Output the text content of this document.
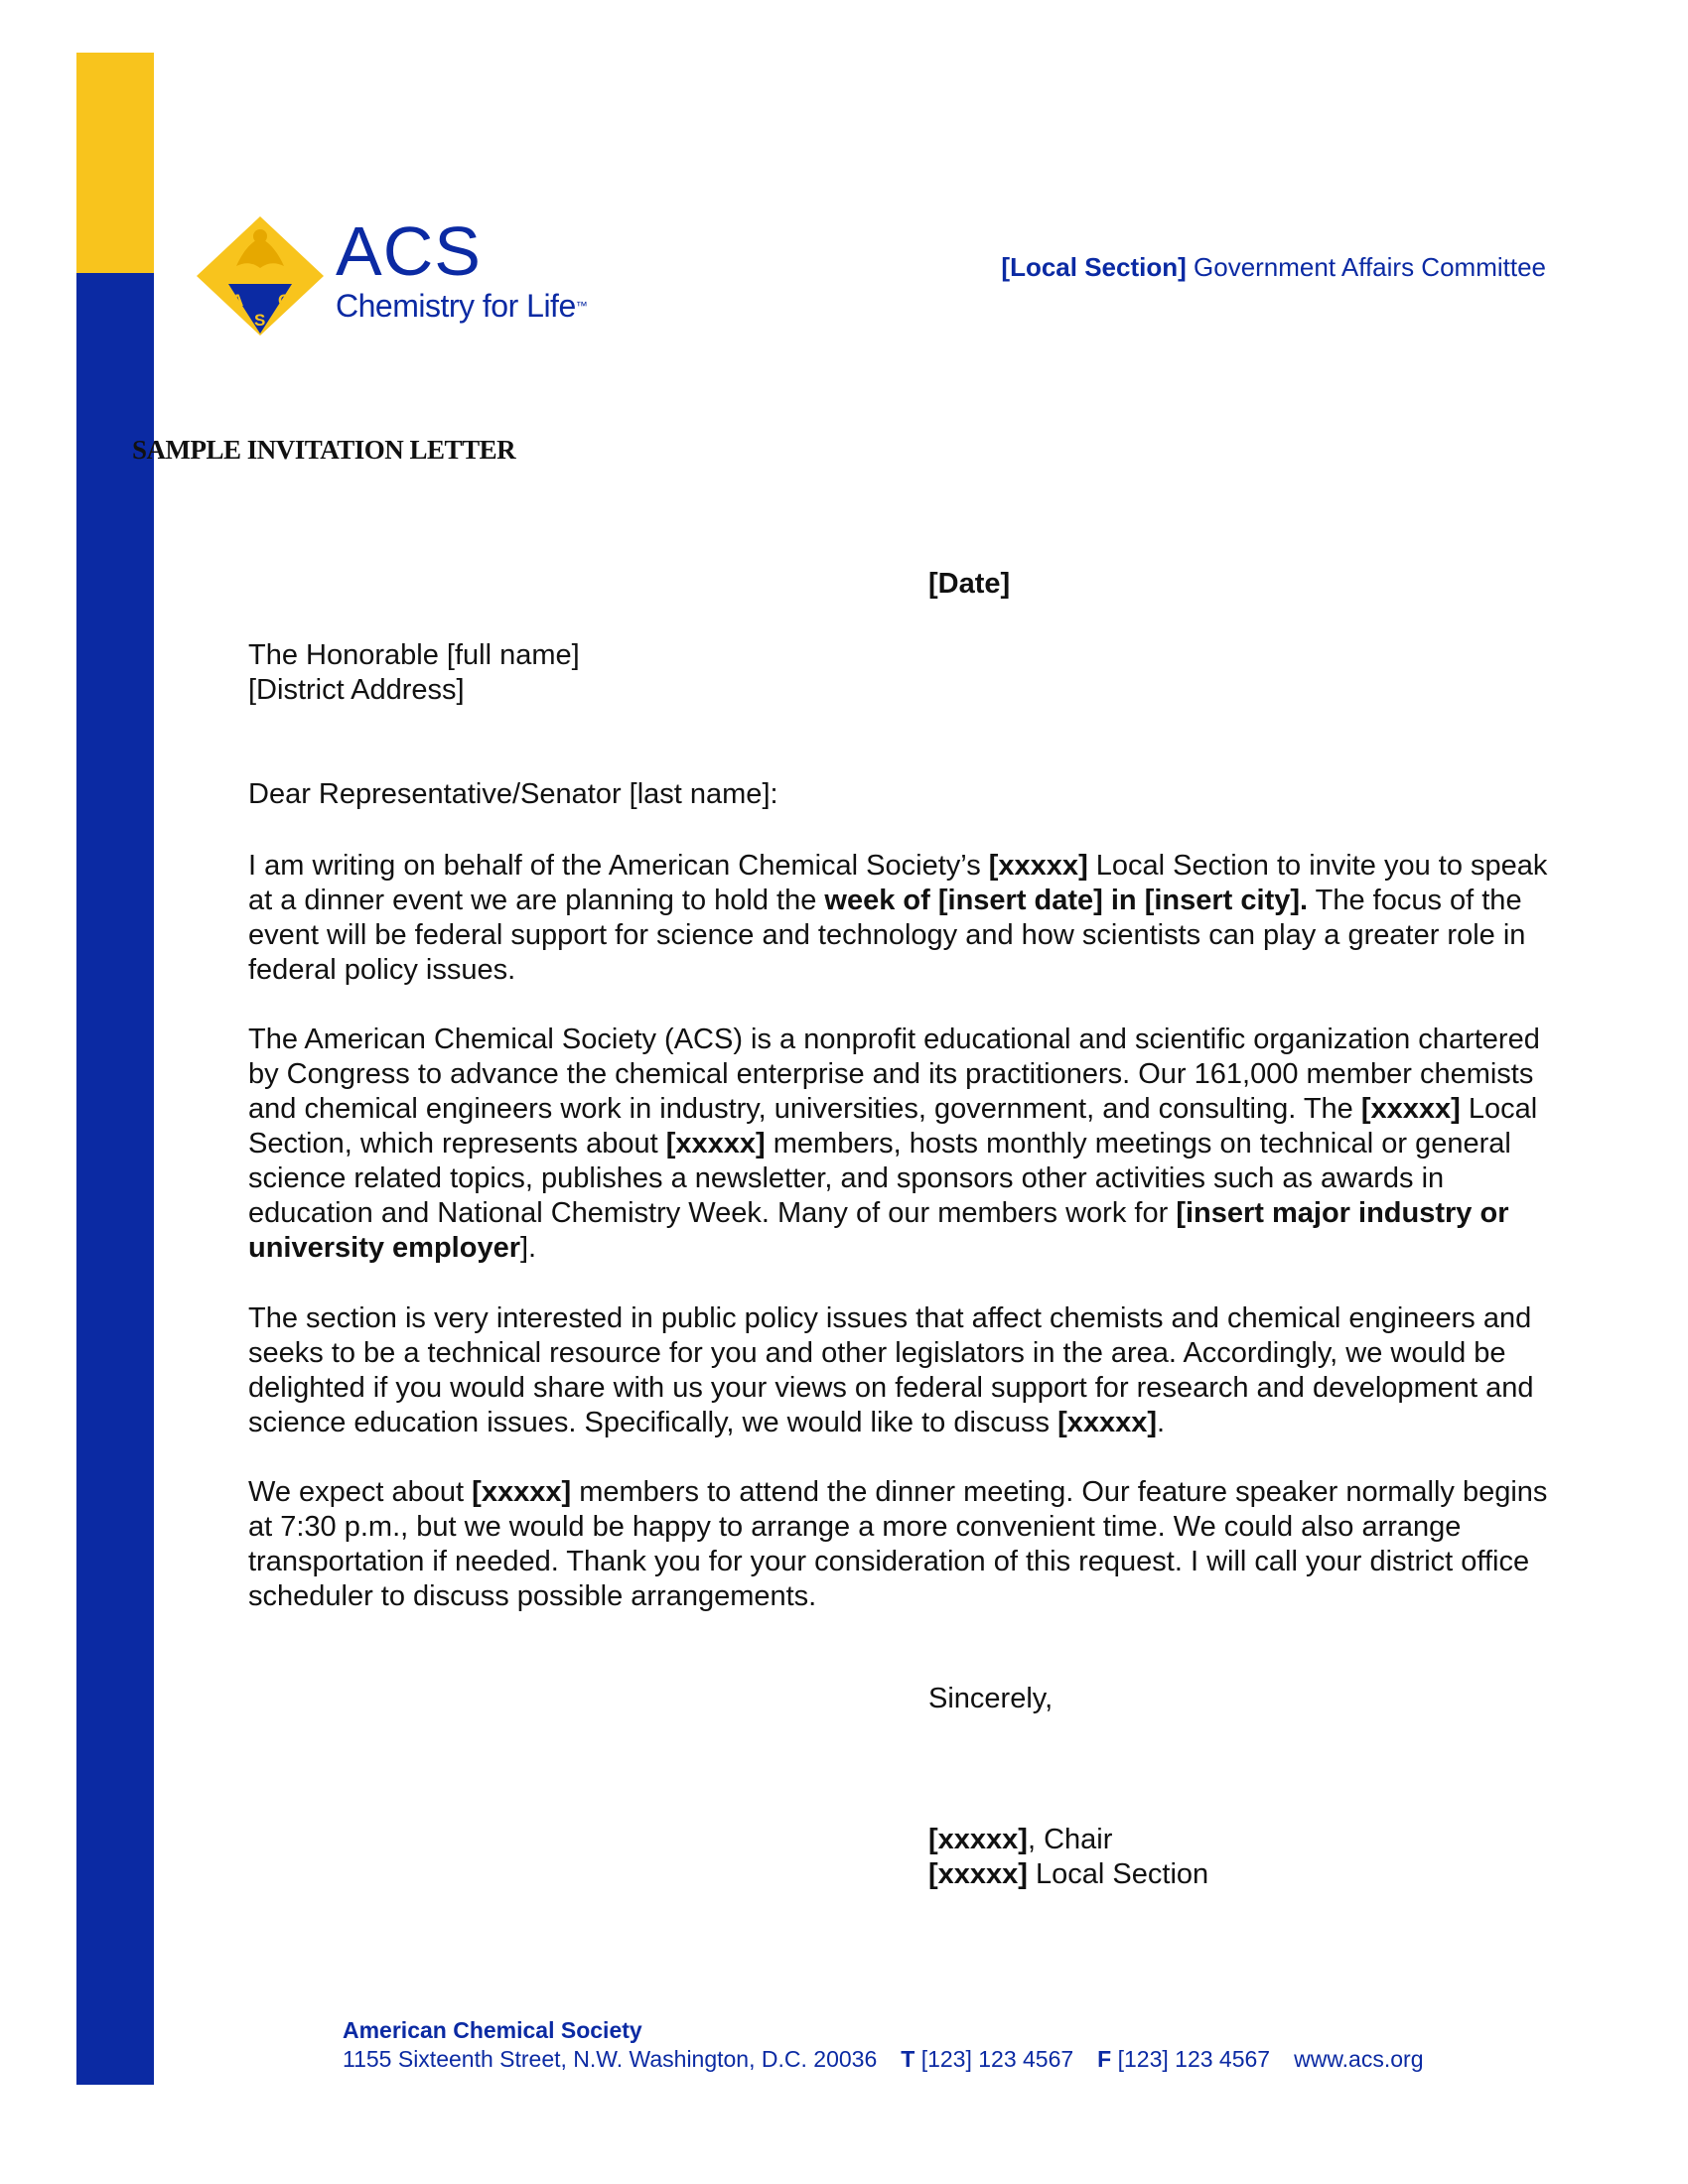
A C
S
ACS
Chemistry for Life™
[Local Section] Government Affairs Committee
SAMPLE INVITATION LETTER
[Date]

The Honorable [full name]

[District Address]

Dear Representative/Senator [last name]:

I am writing on behalf of the American Chemical Society’s [xxxxx] Local Section to invite you to speak at a dinner event we are planning to hold the week of [insert date] in [insert city]. The focus of the event will be federal support for science and technology and how scientists can play a greater role in federal policy issues.

The American Chemical Society (ACS) is a nonprofit educational and scientific organization chartered by Congress to advance the chemical enterprise and its practitioners. Our 161,000 member chemists and chemical engineers work in industry, universities, government, and consulting. The [xxxxx] Local Section, which represents about [xxxxx] members, hosts monthly meetings on technical or general science related topics, publishes a newsletter, and sponsors other activities such as awards in education and National Chemistry Week. Many of our members work for [insert major industry or university employer].

The section is very interested in public policy issues that affect chemists and chemical engineers and seeks to be a technical resource for you and other legislators in the area. Accordingly, we would be delighted if you would share with us your views on federal support for research and development and science education issues. Specifically, we would like to discuss [xxxxx].

We expect about [xxxxx] members to attend the dinner meeting. Our feature speaker normally begins at 7:30 p.m., but we would be happy to arrange a more convenient time. We could also arrange transportation if needed. Thank you for your consideration of this request. I will call your district office scheduler to discuss possible arrangements.

Sincerely,
[xxxxx], Chair
[xxxxx] Local Section
American Chemical Society
1155 Sixteenth Street, N.W. Washington, D.C. 20036 T [123] 123 4567 F [123] 123 4567 www.acs.org
